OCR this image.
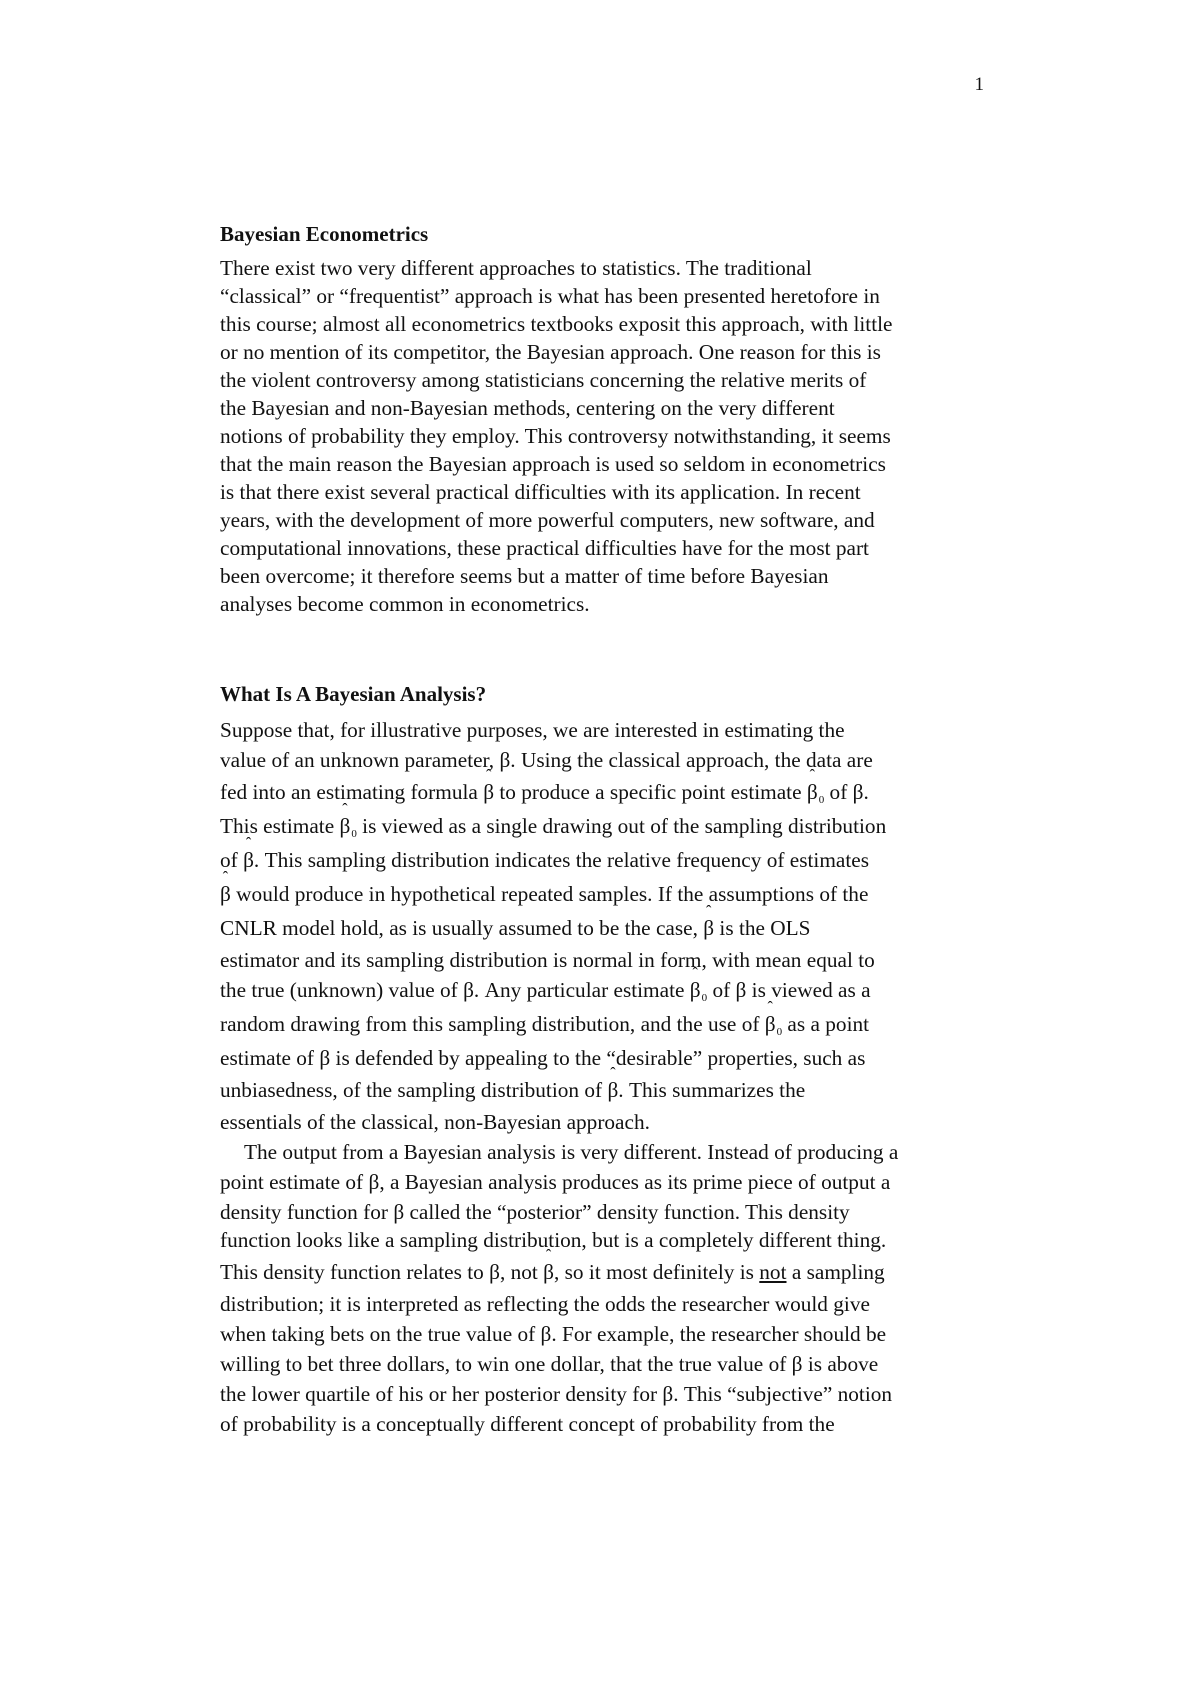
1
Bayesian Econometrics
There exist two very different approaches to statistics. The traditional
“classical” or “frequentist” approach is what has been presented heretofore in
this course; almost all econometrics textbooks exposit this approach, with little
or no mention of its competitor, the Bayesian approach. One reason for this is
the violent controversy among statisticians concerning the relative merits of
the Bayesian and non-Bayesian methods, centering on the very different
notions of probability they employ. This controversy notwithstanding, it seems
that the main reason the Bayesian approach is used so seldom in econometrics
is that there exist several practical difficulties with its application. In recent
years, with the development of more powerful computers, new software, and
computational innovations, these practical difficulties have for the most part
been overcome; it therefore seems but a matter of time before Bayesian
analyses become common in econometrics.
What Is A Bayesian Analysis?
Suppose that, for illustrative purposes, we are interested in estimating the
value of an unknown parameter, β. Using the classical approach, the data are
fed into an estimating formula ˆ β to produce a specific point estimate ˆ β0 of β.
This estimate ˆ β0 is viewed as a single drawing out of the sampling distribution
of ˆ β. This sampling distribution indicates the relative frequency of estimates
ˆ β would produce in hypothetical repeated samples. If the assumptions of the
CNLR model hold, as is usually assumed to be the case, ˆ β is the OLS
estimator and its sampling distribution is normal in form, with mean equal to
the true (unknown) value of β. Any particular estimate ˆ β0 of β is viewed as a
random drawing from this sampling distribution, and the use of ˆ β0 as a point
estimate of β is defended by appealing to the “desirable” properties, such as
unbiasedness, of the sampling distribution of ˆ β. This summarizes the
essentials of the classical, non-Bayesian approach.
The output from a Bayesian analysis is very different. Instead of producing a
point estimate of β, a Bayesian analysis produces as its prime piece of output a
density function for β called the “posterior” density function. This density
function looks like a sampling distribution, but is a completely different thing.
This density function relates to β, not ˆ β, so it most definitely is not a sampling
distribution; it is interpreted as reflecting the odds the researcher would give
when taking bets on the true value of β. For example, the researcher should be
willing to bet three dollars, to win one dollar, that the true value of β is above
the lower quartile of his or her posterior density for β. This “subjective” notion
of probability is a conceptually different concept of probability from the
